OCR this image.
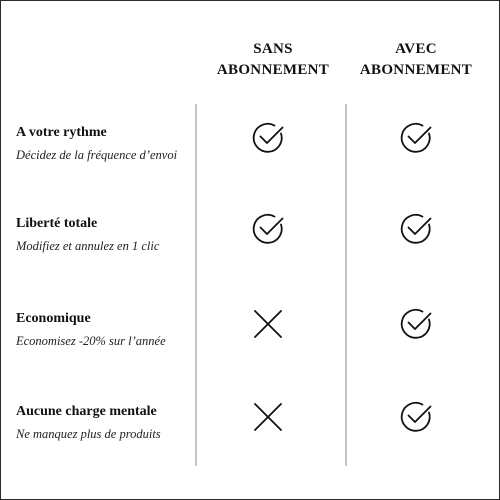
SANS
ABONNEMENT
AVEC
ABONNEMENT
A votre rythme
Décidez de la fréquence d’envoi
Liberté totale
Modifiez et annulez en 1 clic
Economique
Economisez -20% sur l’année
Aucune charge mentale
Ne manquez plus de produits
